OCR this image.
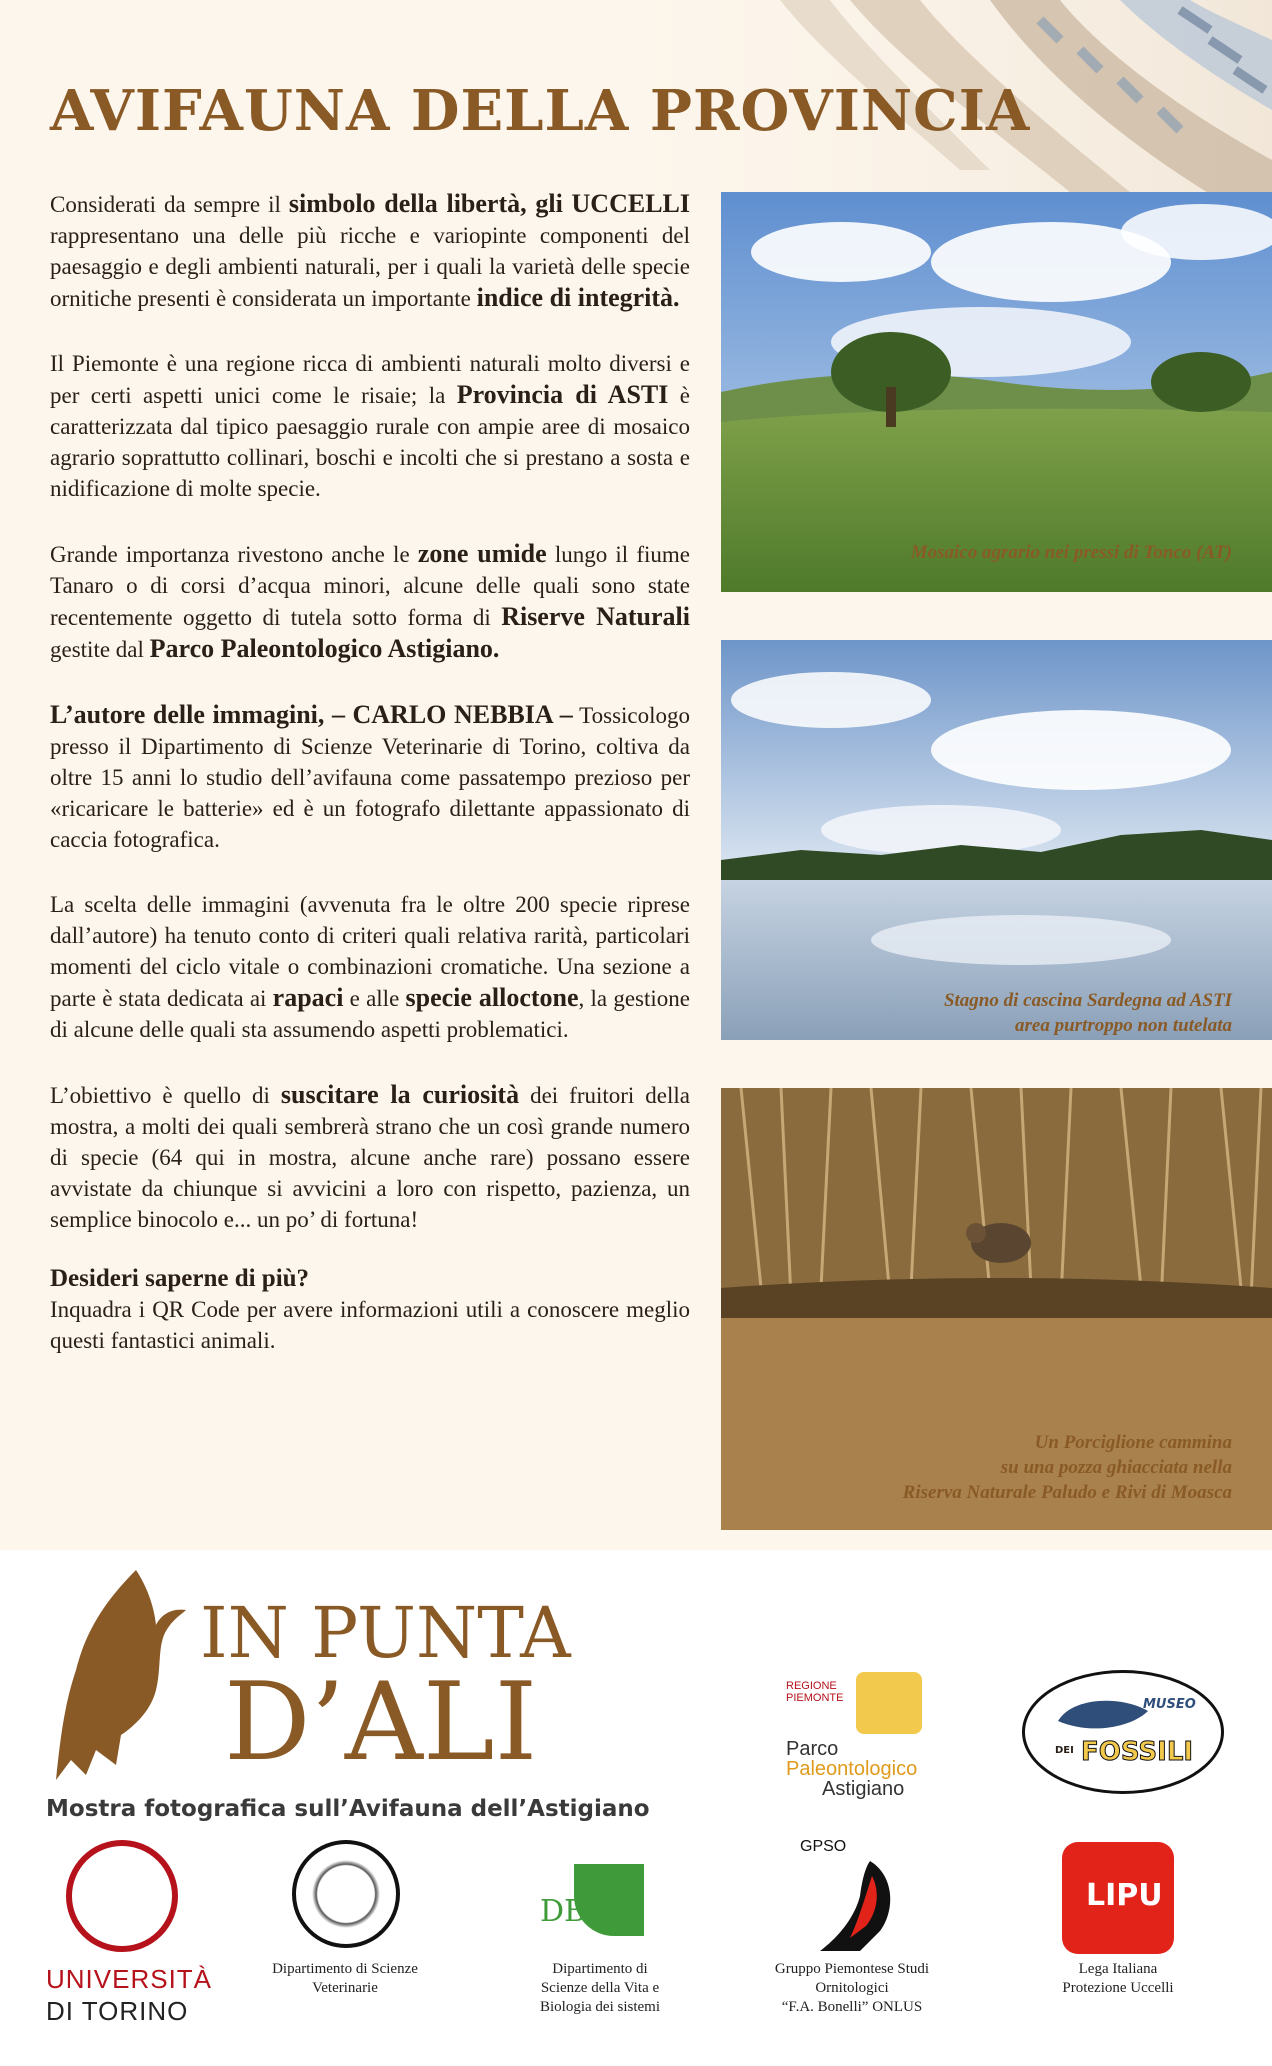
AVIFAUNA DELLA PROVINCIA

Considerati da sempre il simbolo della libertà, gli UCCELLI rappresentano una delle più ricche e variopinte componenti del paesaggio e degli ambienti naturali, per i quali la varietà delle specie ornitiche presenti è considerata un importante indice di integrità.

Il Piemonte è una regione ricca di ambienti naturali molto diversi e per certi aspetti unici come le risaie; la Provincia di ASTI è caratterizzata dal tipico paesaggio rurale con ampie aree di mosaico agrario soprattutto collinari, boschi e incolti che si prestano a sosta e nidificazione di molte specie.

Grande importanza rivestono anche le zone umide lungo il fiume Tanaro o di corsi d’acqua minori, alcune delle quali sono state recentemente oggetto di tutela sotto forma di Riserve Naturali gestite dal Parco Paleontologico Astigiano.

L’autore delle immagini, – CARLO NEBBIA – Tossicologo presso il Dipartimento di Scienze Veterinarie di Torino, coltiva da oltre 15 anni lo studio dell’avifauna come passatempo prezioso per «ricaricare le batterie» ed è un fotografo dilettante appassionato di caccia fotografica.

La scelta delle immagini (avvenuta fra le oltre 200 specie riprese dall’autore) ha tenuto conto di criteri quali relativa rarità, particolari momenti del ciclo vitale o combinazioni cromatiche. Una sezione a parte è stata dedicata ai rapaci e alle specie alloctone, la gestione di alcune delle quali sta assumendo aspetti problematici.

L’obiettivo è quello di suscitare la curiosità dei fruitori della mostra, a molti dei quali sembrerà strano che un così grande numero di specie (64 qui in mostra, alcune anche rare) possano essere avvistate da chiunque si avvicini a loro con rispetto, pazienza, un semplice binocolo e... un po’ di fortuna!

Desideri saperne di più?
Inquadra i QR Code per avere informazioni utili a conoscere meglio questi fantastici animali.

Mosaico agrario nei pressi di Tonco (AT)
Stagno di cascina Sardegna ad ASTI
area purtroppo non tutelata
Un Porciglione cammina
su una pozza ghiacciata nella
Riserva Naturale Paludo e Rivi di Moasca
IN PUNTA
D’ALI
Mostra fotografica sull’Avifauna dell’Astigiano
REGIONE
PIEMONTE
Parco
Paleontologico
Astigiano
MUSEO
DEI FOSSILI
UNIVERSITÀ
DI TORINO
Dipartimento di Scienze
Veterinarie
DBios
Dipartimento di
Scienze della Vita e
Biologia dei sistemi
GPSO
Gruppo Piemontese Studi
Ornitologici
“F.A. Bonelli” ONLUS
LIPU
Lega Italiana
Protezione Uccelli
